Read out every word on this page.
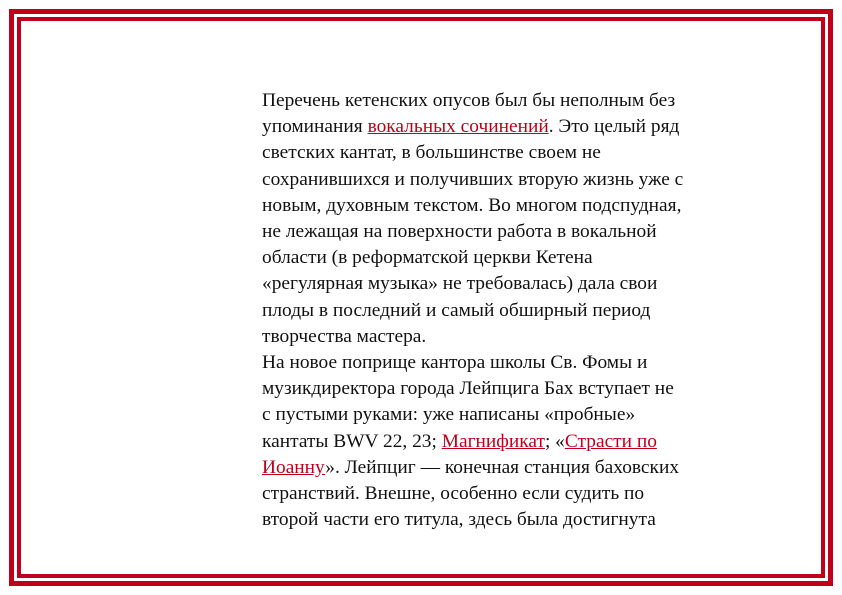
Перечень кетенских опусов был бы неполным без
упоминания вокальных сочинений. Это целый ряд
светских кантат, в большинстве своем не
сохранившихся и получивших вторую жизнь уже с
новым, духовным текстом. Во многом подспудная,
не лежащая на поверхности работа в вокальной
области (в реформатской церкви Кетена
«регулярная музыка» не требовалась) дала свои
плоды в последний и самый обширный период
творчества мастера.

На новое поприще кантора школы Св. Фомы и
музикдиректора города Лейпцига Бах вступает не
с пустыми руками: уже написаны «пробные»
кантаты BWV 22, 23; Магнификат; «Страсти по
Иоанну». Лейпциг — конечная станция баховских
странствий. Внешне, особенно если судить по
второй части его титула, здесь была достигнута
